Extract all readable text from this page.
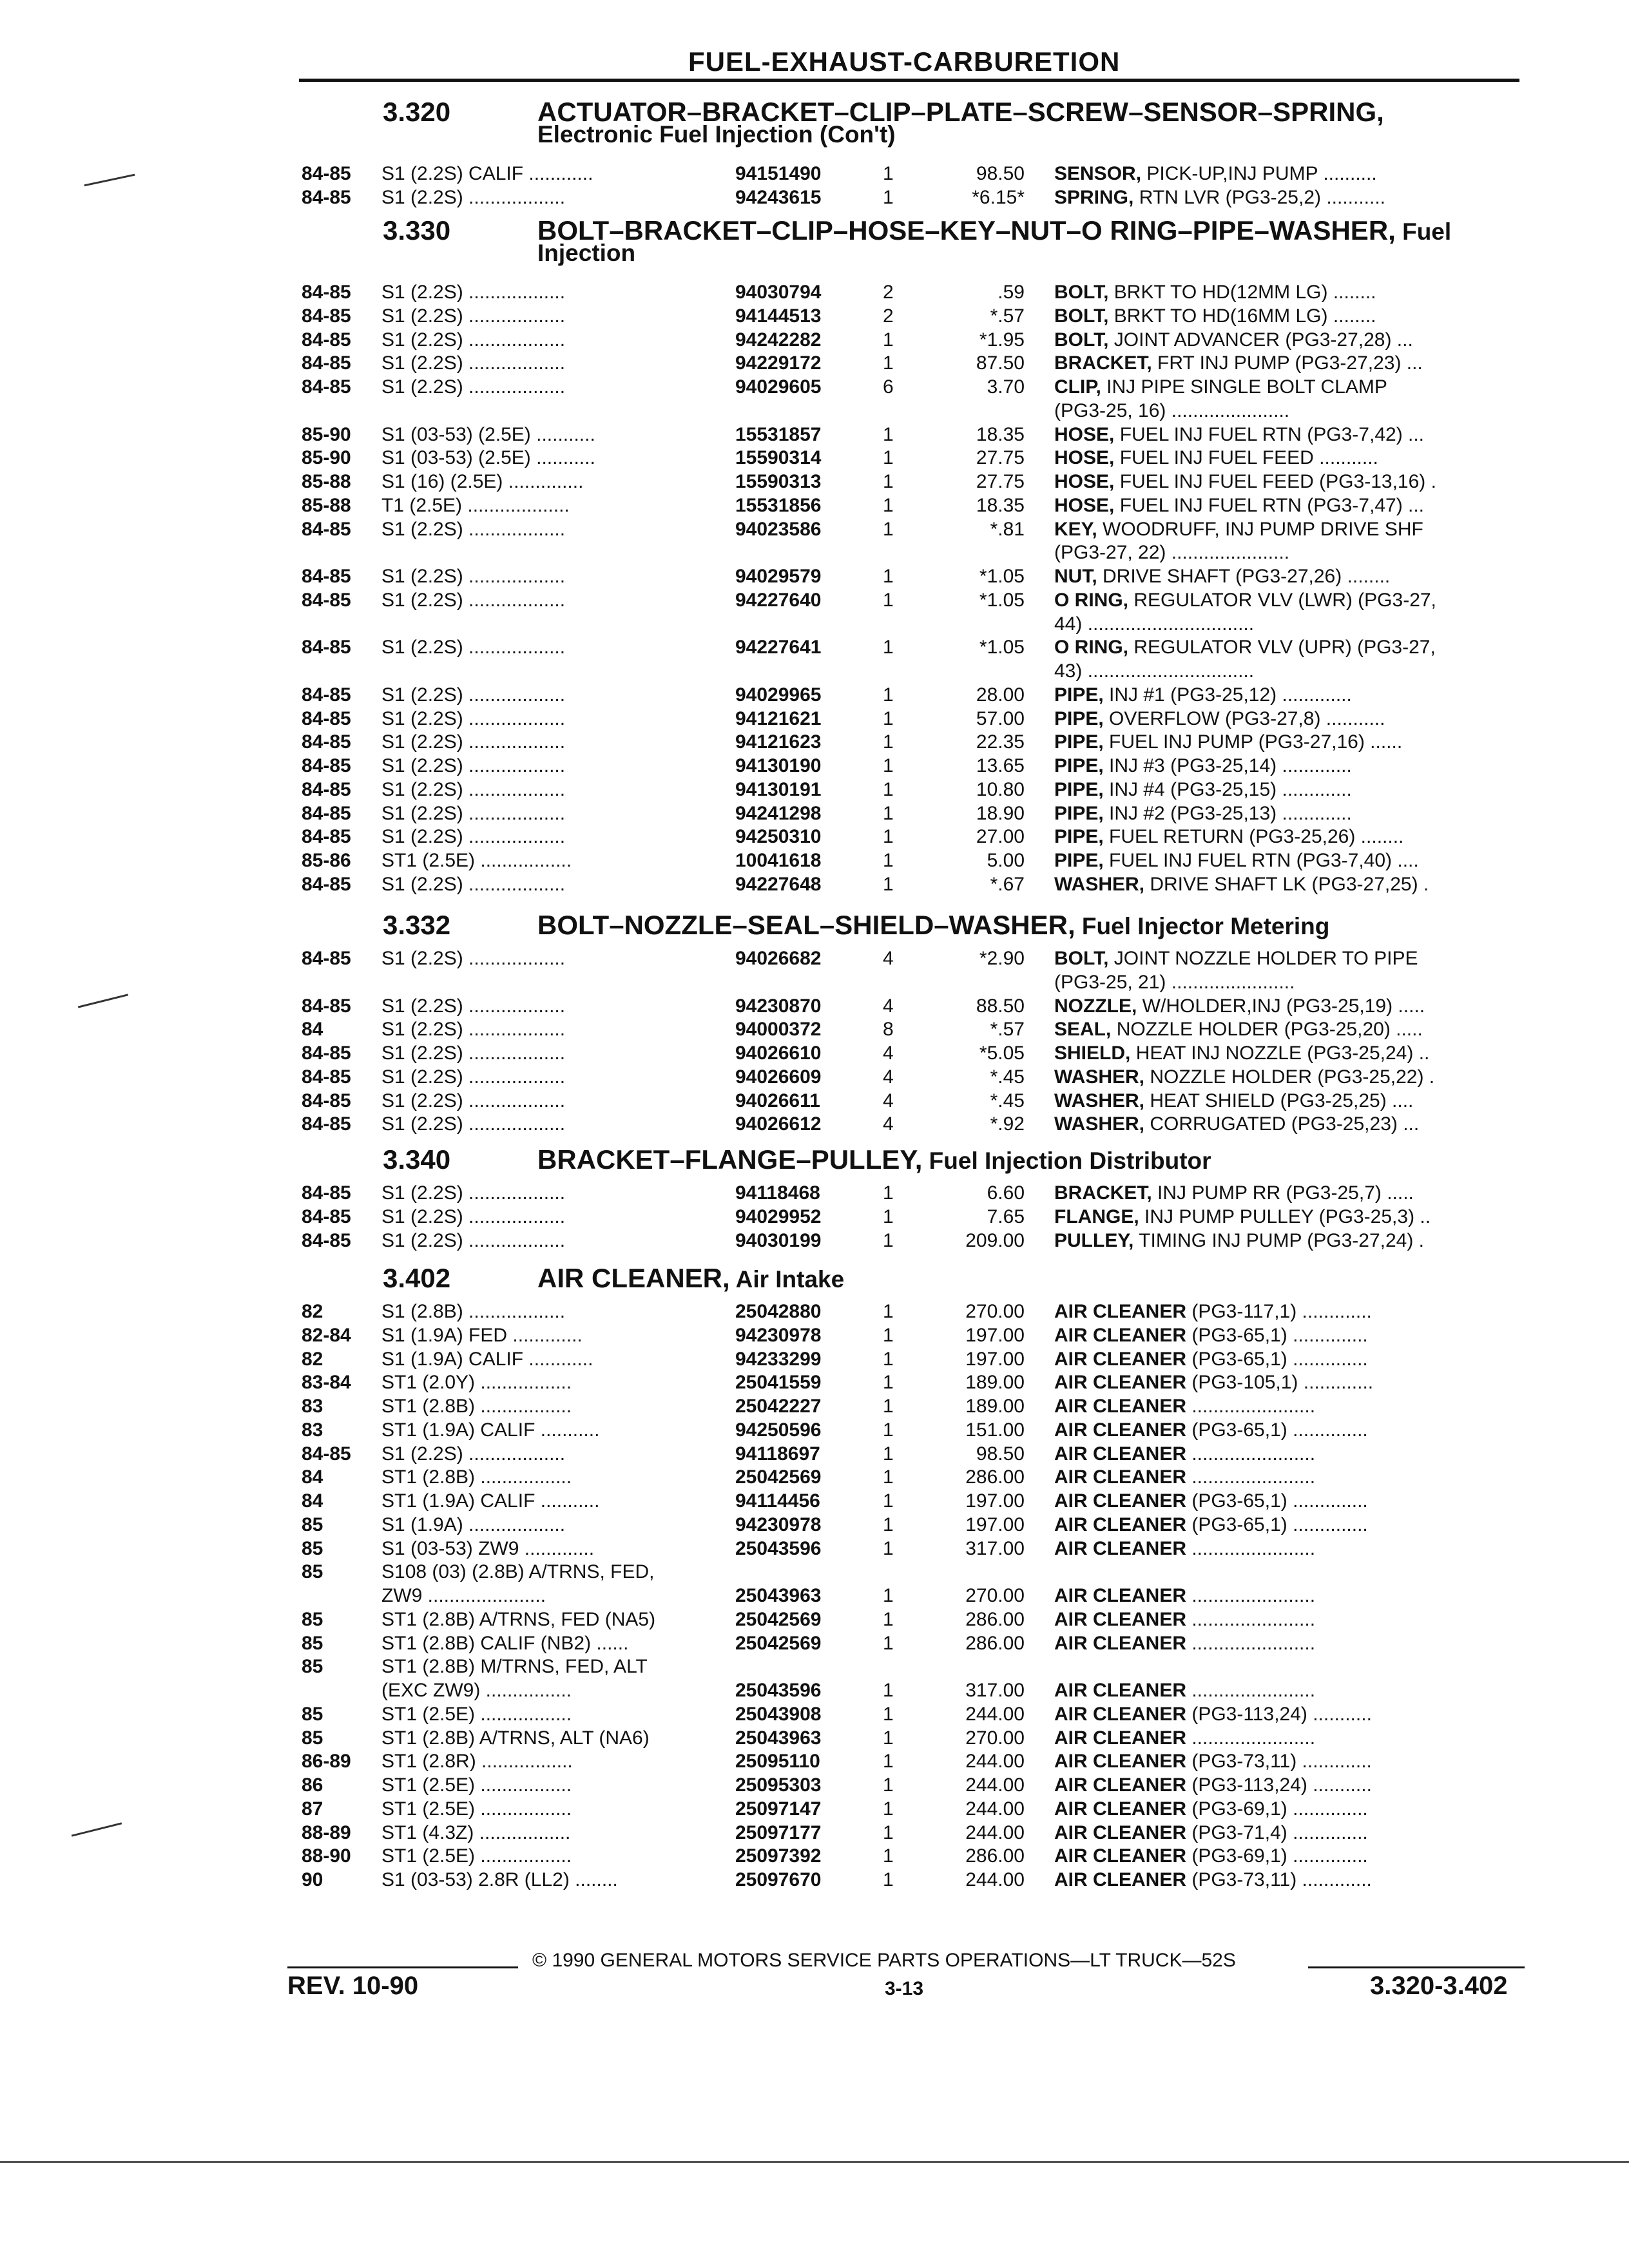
FUEL-EXHAUST-CARBURETION
3.320	ACTUATOR–BRACKET–CLIP–PLATE–SCREW–SENSOR–SPRING,
Electronic Fuel Injection (Con't)
84-85 S1 (2.2S) CALIF ............	94151490	1	98.50 SENSOR, PICK-UP,INJ PUMP ..........
84-85 S1 (2.2S) ..................	94243615	1	*6.15* SPRING, RTN LVR (PG3-25,2) ...........
3.330	BOLT–BRACKET–CLIP–HOSE–KEY–NUT–O RING–PIPE–WASHER, Fuel
Injection
84-85 S1 (2.2S) ..................	94030794	2	.59 BOLT, BRKT TO HD(12MM LG) ........
84-85 S1 (2.2S) ..................	94144513	2	*.57 BOLT, BRKT TO HD(16MM LG) ........
84-85 S1 (2.2S) ..................	94242282	1	*1.95 BOLT, JOINT ADVANCER (PG3-27,28) ...
84-85 S1 (2.2S) ..................	94229172	1	87.50 BRACKET, FRT INJ PUMP (PG3-27,23) ...
84-85 S1 (2.2S) ..................	94029605	6	3.70 CLIP, INJ PIPE SINGLE BOLT CLAMP
(PG3-25, 16) ......................
85-90 S1 (03-53) (2.5E) ...........	15531857	1	18.35 HOSE, FUEL INJ FUEL RTN (PG3-7,42) ...
85-90 S1 (03-53) (2.5E) ...........	15590314	1	27.75 HOSE, FUEL INJ FUEL FEED ...........
85-88 S1 (16) (2.5E) ..............	15590313	1	27.75 HOSE, FUEL INJ FUEL FEED (PG3-13,16) .
85-88 T1 (2.5E) ...................	15531856	1	18.35 HOSE, FUEL INJ FUEL RTN (PG3-7,47) ...
84-85 S1 (2.2S) ..................	94023586	1	*.81 KEY, WOODRUFF, INJ PUMP DRIVE SHF
(PG3-27, 22) ......................
84-85 S1 (2.2S) ..................	94029579	1	*1.05 NUT, DRIVE SHAFT (PG3-27,26) ........
84-85 S1 (2.2S) ..................	94227640	1	*1.05 O RING, REGULATOR VLV (LWR) (PG3-27,
44) ...............................
84-85 S1 (2.2S) ..................	94227641	1	*1.05 O RING, REGULATOR VLV (UPR) (PG3-27,
43) ...............................
84-85 S1 (2.2S) ..................	94029965	1	28.00 PIPE, INJ #1 (PG3-25,12) .............
84-85 S1 (2.2S) ..................	94121621	1	57.00 PIPE, OVERFLOW (PG3-27,8) ...........
84-85 S1 (2.2S) ..................	94121623	1	22.35 PIPE, FUEL INJ PUMP (PG3-27,16) ......
84-85 S1 (2.2S) ..................	94130190	1	13.65 PIPE, INJ #3 (PG3-25,14) .............
84-85 S1 (2.2S) ..................	94130191	1	10.80 PIPE, INJ #4 (PG3-25,15) .............
84-85 S1 (2.2S) ..................	94241298	1	18.90 PIPE, INJ #2 (PG3-25,13) .............
84-85 S1 (2.2S) ..................	94250310	1	27.00 PIPE, FUEL RETURN (PG3-25,26) ........
85-86 ST1 (2.5E) .................	10041618	1	5.00 PIPE, FUEL INJ FUEL RTN (PG3-7,40) ....
84-85 S1 (2.2S) ..................	94227648	1	*.67 WASHER, DRIVE SHAFT LK (PG3-27,25) .
3.332	BOLT–NOZZLE–SEAL–SHIELD–WASHER, Fuel Injector Metering
84-85 S1 (2.2S) ..................	94026682	4	*2.90 BOLT, JOINT NOZZLE HOLDER TO PIPE
(PG3-25, 21) .......................
84-85 S1 (2.2S) ..................	94230870	4	88.50 NOZZLE, W/HOLDER,INJ (PG3-25,19) .....
84	S1 (2.2S) ..................	94000372	8	*.57 SEAL, NOZZLE HOLDER (PG3-25,20) .....
84-85 S1 (2.2S) ..................	94026610	4	*5.05 SHIELD, HEAT INJ NOZZLE (PG3-25,24) ..
84-85 S1 (2.2S) ..................	94026609	4	*.45 WASHER, NOZZLE HOLDER (PG3-25,22) .
84-85 S1 (2.2S) ..................	94026611	4	*.45 WASHER, HEAT SHIELD (PG3-25,25) ....
84-85 S1 (2.2S) ..................	94026612	4	*.92 WASHER, CORRUGATED (PG3-25,23) ...
3.340	BRACKET–FLANGE–PULLEY, Fuel Injection Distributor
84-85 S1 (2.2S) ..................	94118468	1	6.60 BRACKET, INJ PUMP RR (PG3-25,7) .....
84-85 S1 (2.2S) ..................	94029952	1	7.65 FLANGE, INJ PUMP PULLEY (PG3-25,3) ..
84-85 S1 (2.2S) ..................	94030199	1	209.00 PULLEY, TIMING INJ PUMP (PG3-27,24) .
3.402	AIR CLEANER, Air Intake
82	S1 (2.8B) ..................	25042880	1	270.00 AIR CLEANER (PG3-117,1) .............
82-84 S1 (1.9A) FED .............	94230978	1	197.00 AIR CLEANER (PG3-65,1) ..............
82	S1 (1.9A) CALIF ............	94233299	1	197.00 AIR CLEANER (PG3-65,1) ..............
83-84 ST1 (2.0Y) .................	25041559	1	189.00 AIR CLEANER (PG3-105,1) .............
83	ST1 (2.8B) .................	25042227	1	189.00 AIR CLEANER .......................
83	ST1 (1.9A) CALIF ...........	94250596	1	151.00 AIR CLEANER (PG3-65,1) ..............
84-85 S1 (2.2S) ..................	94118697	1	98.50 AIR CLEANER .......................
84	ST1 (2.8B) .................	25042569	1	286.00 AIR CLEANER .......................
84	ST1 (1.9A) CALIF ...........	94114456	1	197.00 AIR CLEANER (PG3-65,1) ..............
85	S1 (1.9A) ..................	94230978	1	197.00 AIR CLEANER (PG3-65,1) ..............
85	S1 (03-53) ZW9 .............	25043596	1	317.00 AIR CLEANER .......................
85	S108 (03) (2.8B) A/TRNS, FED,
ZW9 ......................	25043963	1	270.00 AIR CLEANER .......................
85	ST1 (2.8B) A/TRNS, FED (NA5)	25042569	1	286.00 AIR CLEANER .......................
85	ST1 (2.8B) CALIF (NB2) ......	25042569	1	286.00 AIR CLEANER .......................
85	ST1 (2.8B) M/TRNS, FED, ALT
(EXC ZW9) ................	25043596	1	317.00 AIR CLEANER .......................
85	ST1 (2.5E) .................	25043908	1	244.00 AIR CLEANER (PG3-113,24) ...........
85	ST1 (2.8B) A/TRNS, ALT (NA6)	25043963	1	270.00 AIR CLEANER .......................
86-89 ST1 (2.8R) .................	25095110	1	244.00 AIR CLEANER (PG3-73,11) .............
86	ST1 (2.5E) .................	25095303	1	244.00 AIR CLEANER (PG3-113,24) ...........
87	ST1 (2.5E) .................	25097147	1	244.00 AIR CLEANER (PG3-69,1) ..............
88-89 ST1 (4.3Z) .................	25097177	1	244.00 AIR CLEANER (PG3-71,4) ..............
88-90 ST1 (2.5E) .................	25097392	1	286.00 AIR CLEANER (PG3-69,1) ..............
90	S1 (03-53) 2.8R (LL2) ........	25097670	1	244.00 AIR CLEANER (PG3-73,11) .............
© 1990 GENERAL MOTORS SERVICE PARTS OPERATIONS—LT TRUCK—52S
REV. 10-90	3-13	3.320-3.402
